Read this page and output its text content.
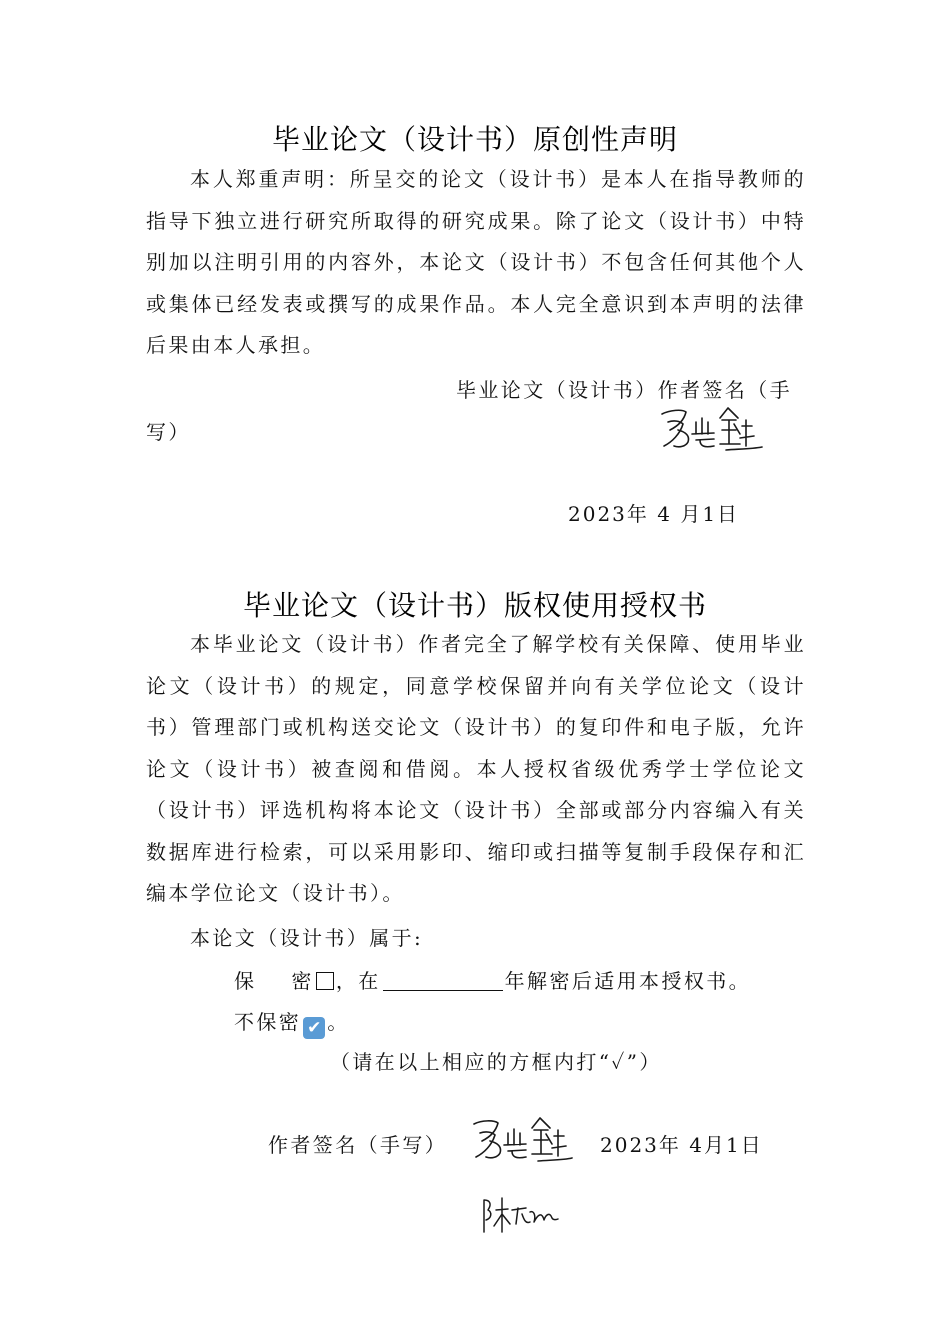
毕业论文（设计书）原创性声明
本人郑重声明：所呈交的论文（设计书）是本人在指导教师的指导下独立进行研究所取得的研究成果。除了论文（设计书）中特别加以注明引用的内容外，本论文（设计书）不包含任何其他个人或集体已经发表或撰写的成果作品。本人完全意识到本声明的法律后果由本人承担。
毕业论文（设计书）作者签名（手
写）
2023年 4 月1日
毕业论文（设计书）版权使用授权书
本毕业论文（设计书）作者完全了解学校有关保障、使用毕业论文（设计书）的规定，同意学校保留并向有关学位论文（设计书）管理部门或机构送交论文（设计书）的复印件和电子版，允许论文（设计书）被查阅和借阅。本人授权省级优秀学士学位论文（设计书）评选机构将本论文（设计书）全部或部分内容编入有关数据库进行检索，可以采用影印、缩印或扫描等复制手段保存和汇编本学位论文（设计书）。
本论文（设计书）属于:
保    密 ，在	年解密后适用本授权书。
不保密 ✔ 。
（请在以上相应的方框内打“✓”）
作者签名（手写）	2023年 4月1日
